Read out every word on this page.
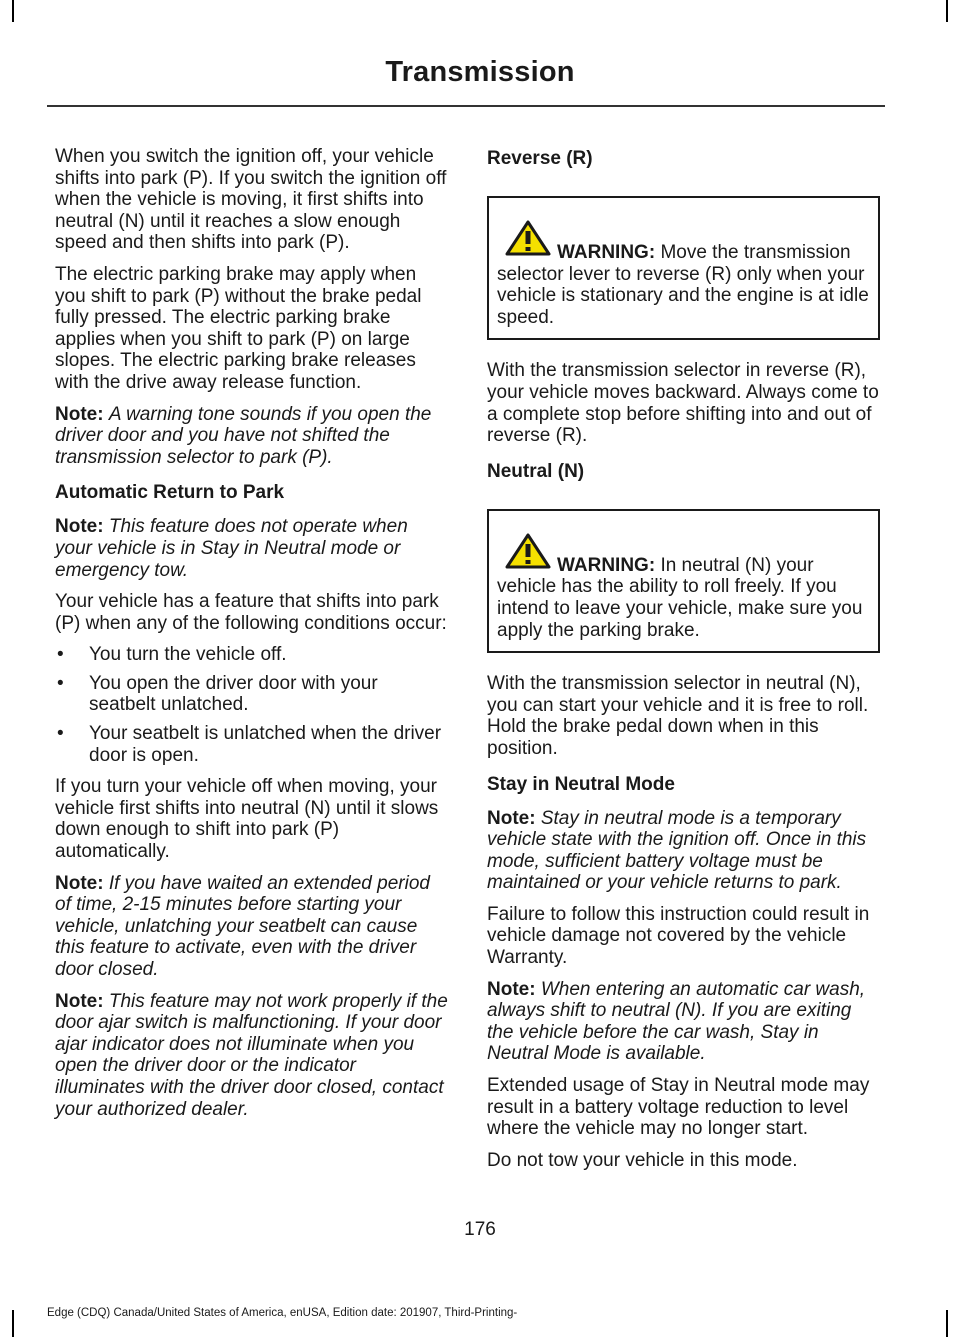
Transmission

When you switch the ignition off, your vehicle shifts into park (P). If you switch the ignition off when the vehicle is moving, it first shifts into neutral (N) until it reaches a slow enough speed and then shifts into park (P).

The electric parking brake may apply when you shift to park (P) without the brake pedal fully pressed. The electric parking brake applies when you shift to park (P) on large slopes. The electric parking brake releases with the drive away release function.

Note: A warning tone sounds if you open the driver door and you have not shifted the transmission selector to park (P).

Automatic Return to Park

Note: This feature does not operate when your vehicle is in Stay in Neutral mode or emergency tow.

Your vehicle has a feature that shifts into park (P) when any of the following conditions occur:

• You turn the vehicle off.
• You open the driver door with your seatbelt unlatched.
• Your seatbelt is unlatched when the driver door is open.

If you turn your vehicle off when moving, your vehicle first shifts into neutral (N) until it slows down enough to shift into park (P) automatically.

Note: If you have waited an extended period of time, 2-15 minutes before starting your vehicle, unlatching your seatbelt can cause this feature to activate, even with the driver door closed.

Note: This feature may not work properly if the door ajar switch is malfunctioning. If your door ajar indicator does not illuminate when you open the driver door or the indicator illuminates with the driver door closed, contact your authorized dealer.

Reverse (R)

WARNING: Move the transmission selector lever to reverse (R) only when your vehicle is stationary and the engine is at idle speed.

With the transmission selector in reverse (R), your vehicle moves backward. Always come to a complete stop before shifting into and out of reverse (R).

Neutral (N)

WARNING: In neutral (N) your vehicle has the ability to roll freely. If you intend to leave your vehicle, make sure you apply the parking brake.

With the transmission selector in neutral (N), you can start your vehicle and it is free to roll. Hold the brake pedal down when in this position.

Stay in Neutral Mode

Note: Stay in neutral mode is a temporary vehicle state with the ignition off. Once in this mode, sufficient battery voltage must be maintained or your vehicle returns to park.

Failure to follow this instruction could result in vehicle damage not covered by the vehicle Warranty.

Note: When entering an automatic car wash, always shift to neutral (N). If you are exiting the vehicle before the car wash, Stay in Neutral Mode is available.

Extended usage of Stay in Neutral mode may result in a battery voltage reduction to level where the vehicle may no longer start.

Do not tow your vehicle in this mode.

176
Edge (CDQ) Canada/United States of America, enUSA, Edition date: 201907, Third-Printing-
